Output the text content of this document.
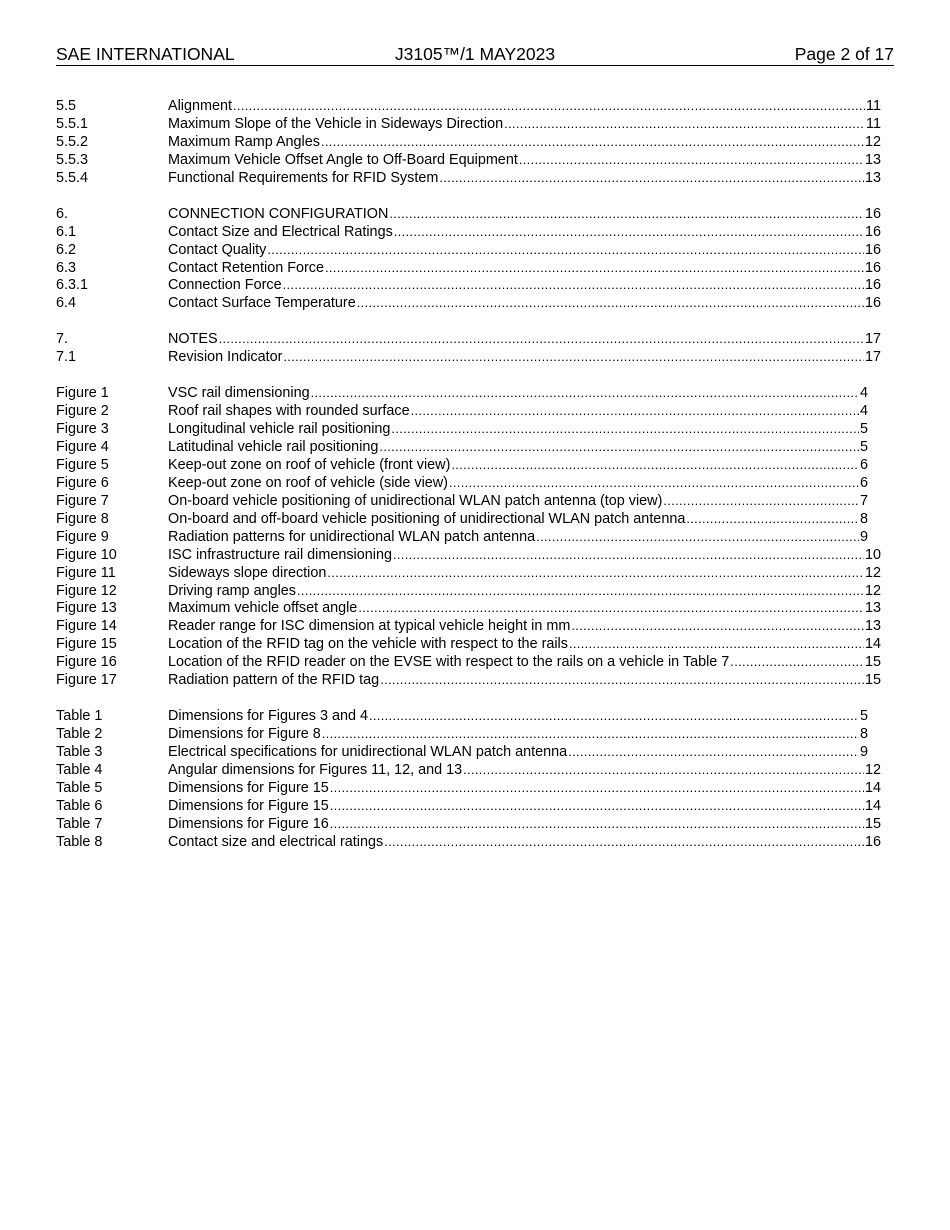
SAE INTERNATIONAL	J3105™/1 MAY2023	Page 2 of 17
5.5	Alignment .....	11
5.5.1	Maximum Slope of the Vehicle in Sideways Direction .....	11
5.5.2	Maximum Ramp Angles .....	12
5.5.3	Maximum Vehicle Offset Angle to Off-Board Equipment .....	13
5.5.4	Functional Requirements for RFID System .....	13
6.	CONNECTION CONFIGURATION .....	16
6.1	Contact Size and Electrical Ratings .....	16
6.2	Contact Quality .....	16
6.3	Contact Retention Force .....	16
6.3.1	Connection Force .....	16
6.4	Contact Surface Temperature .....	16
7.	NOTES .....	17
7.1	Revision Indicator .....	17
Figure 1	VSC rail dimensioning .....	4
Figure 2	Roof rail shapes with rounded surface .....	4
Figure 3	Longitudinal vehicle rail positioning .....	5
Figure 4	Latitudinal vehicle rail positioning .....	5
Figure 5	Keep-out zone on roof of vehicle (front view) .....	6
Figure 6	Keep-out zone on roof of vehicle (side view) .....	6
Figure 7	On-board vehicle positioning of unidirectional WLAN patch antenna (top view) .....	7
Figure 8	On-board and off-board vehicle positioning of unidirectional WLAN patch antenna .....	8
Figure 9	Radiation patterns for unidirectional WLAN patch antenna .....	9
Figure 10	ISC infrastructure rail dimensioning .....	10
Figure 11	Sideways slope direction .....	12
Figure 12	Driving ramp angles .....	12
Figure 13	Maximum vehicle offset angle .....	13
Figure 14	Reader range for ISC dimension at typical vehicle height in mm .....	13
Figure 15	Location of the RFID tag on the vehicle with respect to the rails .....	14
Figure 16	Location of the RFID reader on the EVSE with respect to the rails on a vehicle in Table 7 .....	15
Figure 17	Radiation pattern of the RFID tag .....	15
Table 1	Dimensions for Figures 3 and 4 .....	5
Table 2	Dimensions for Figure 8 .....	8
Table 3	Electrical specifications for unidirectional WLAN patch antenna .....	9
Table 4	Angular dimensions for Figures 11, 12, and 13 .....	12
Table 5	Dimensions for Figure 15 .....	14
Table 6	Dimensions for Figure 15 .....	14
Table 7	Dimensions for Figure 16 .....	15
Table 8	Contact size and electrical ratings .....	16
